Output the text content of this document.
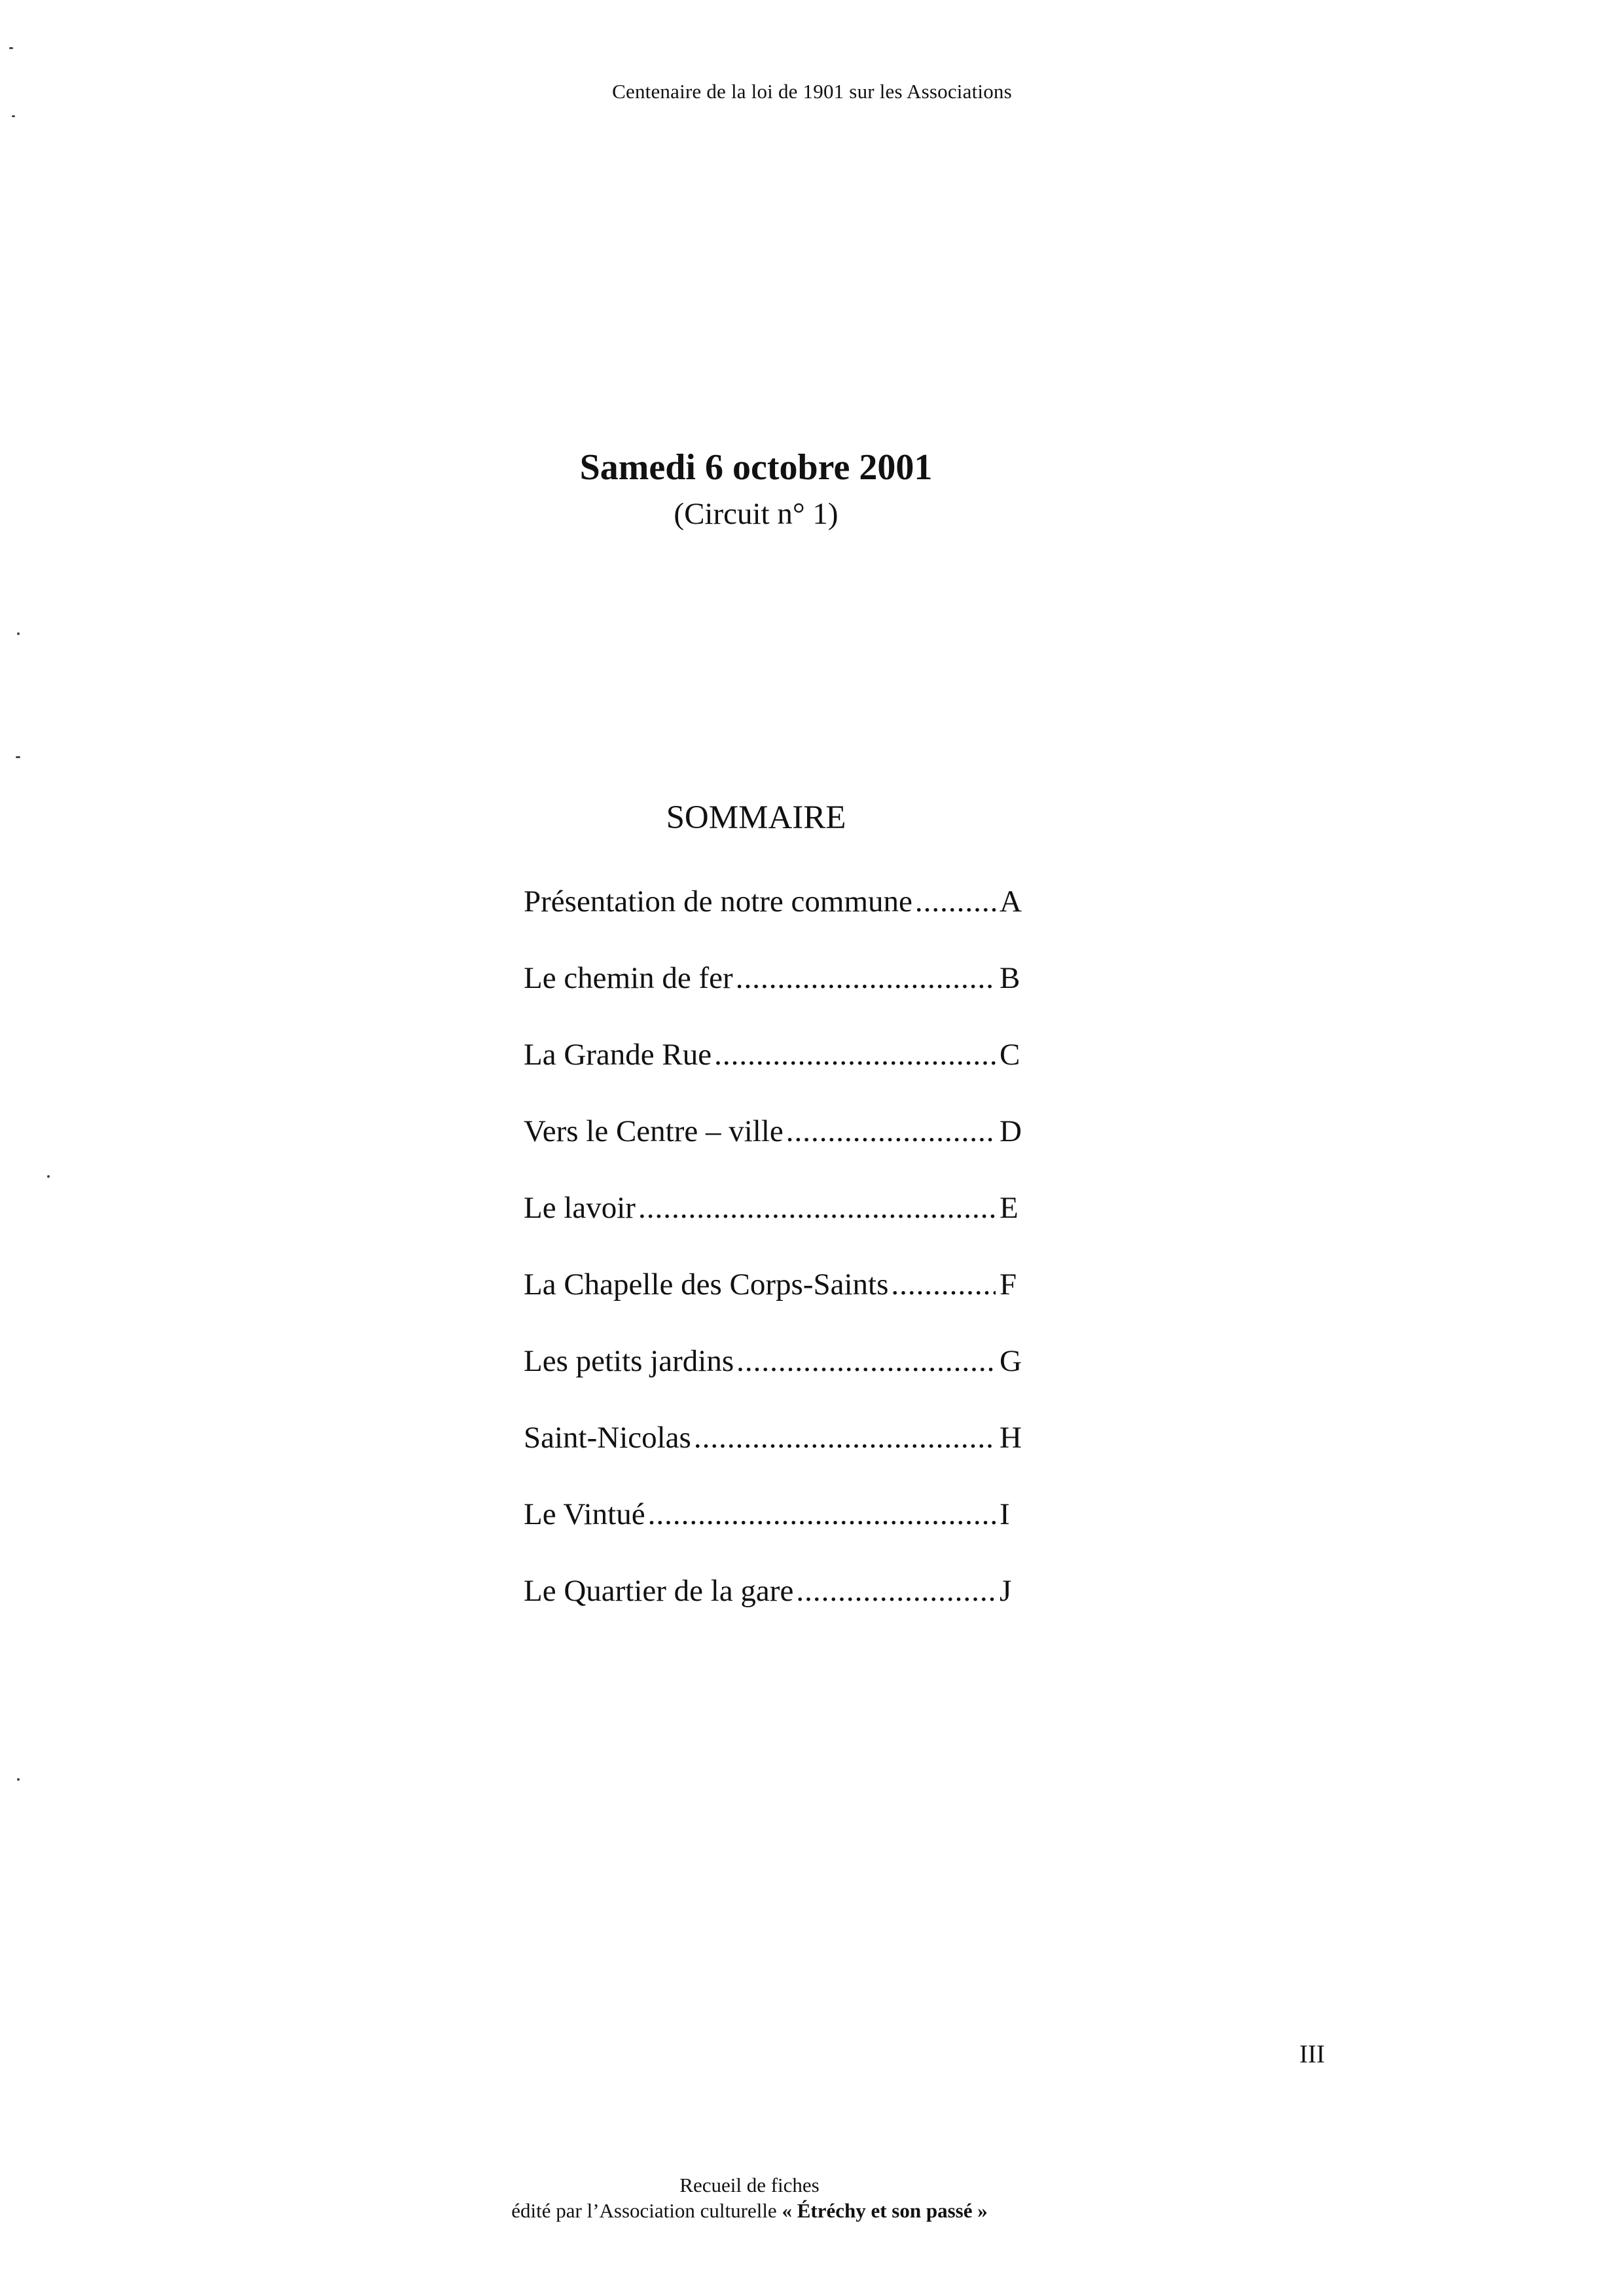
Centenaire de la loi de 1901 sur les Associations
Samedi 6 octobre 2001
(Circuit n° 1)
SOMMAIRE
Présentation de notre commune .....	A
Le chemin de fer .....	B
La Grande Rue .....	C
Vers le Centre – ville .....	D
Le lavoir .....	E
La Chapelle des Corps-Saints .....	F
Les petits jardins .....	G
Saint-Nicolas .....	H
Le Vintué .....	I
Le Quartier de la gare .....	J
III
Recueil de fiches
édité par l’Association culturelle « Étréchy et son passé »
